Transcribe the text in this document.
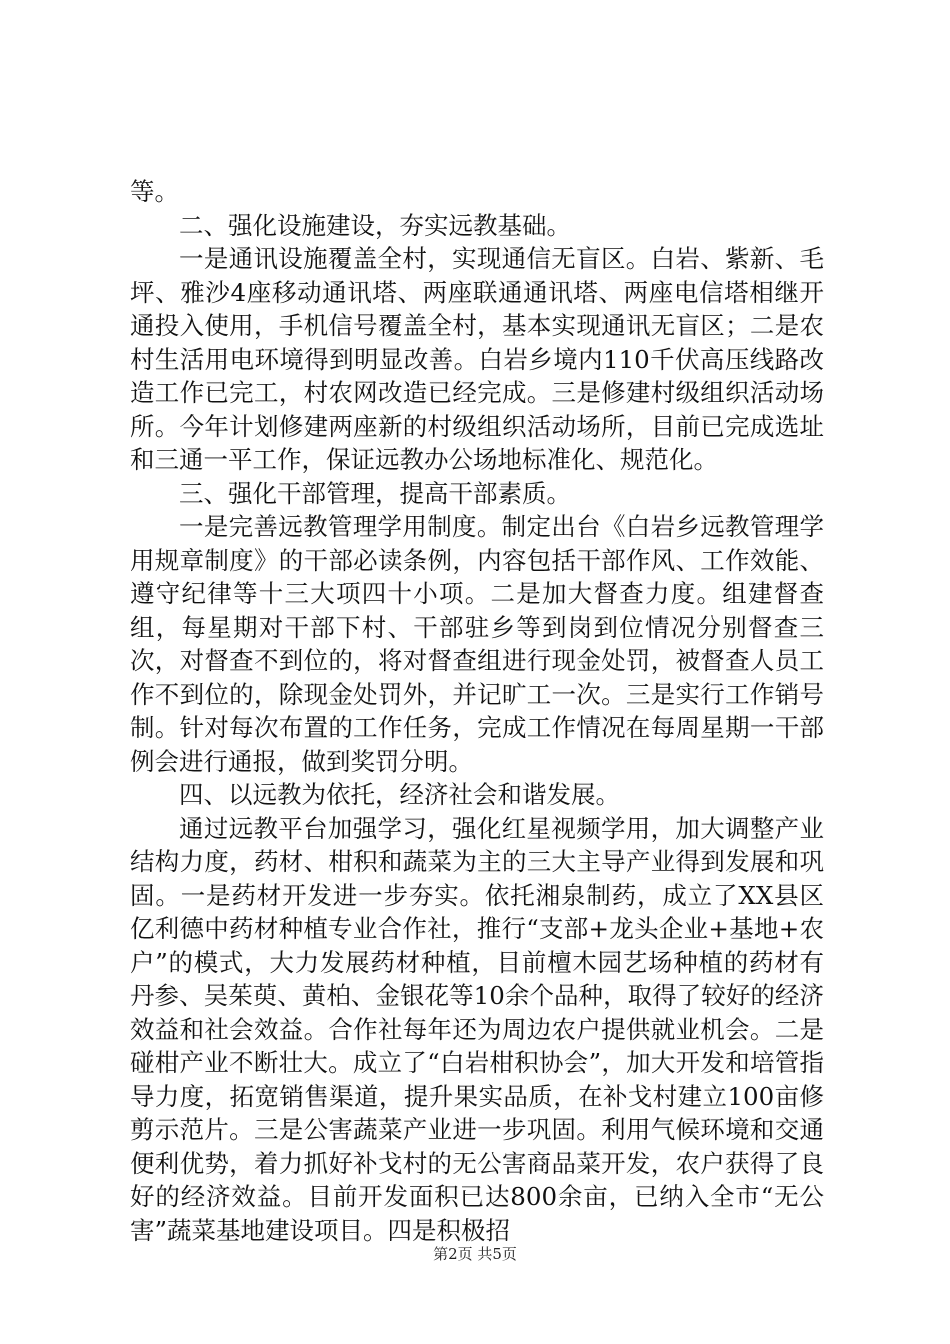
等。

二、强化设施建设，夯实远教基础。

一是通讯设施覆盖全村，实现通信无盲区。白岩、紫新、毛坪、雅沙4座移动通讯塔、两座联通通讯塔、两座电信塔相继开通投入使用，手机信号覆盖全村，基本实现通讯无盲区；二是农村生活用电环境得到明显改善。白岩乡境内110千伏高压线路改造工作已完工，村农网改造已经完成。三是修建村级组织活动场所。今年计划修建两座新的村级组织活动场所，目前已完成选址和三通一平工作，保证远教办公场地标准化、规范化。

三、强化干部管理，提高干部素质。

一是完善远教管理学用制度。制定出台《白岩乡远教管理学用规章制度》的干部必读条例，内容包括干部作风、工作效能、遵守纪律等十三大项四十小项。二是加大督查力度。组建督查组，每星期对干部下村、干部驻乡等到岗到位情况分别督查三次，对督查不到位的，将对督查组进行现金处罚，被督查人员工作不到位的，除现金处罚外，并记旷工一次。三是实行工作销号制。针对每次布置的工作任务，完成工作情况在每周星期一干部例会进行通报，做到奖罚分明。

四、以远教为依托，经济社会和谐发展。

通过远教平台加强学习，强化红星视频学用，加大调整产业结构力度，药材、柑积和蔬菜为主的三大主导产业得到发展和巩固。一是药材开发进一步夯实。依托湘泉制药，成立了XX县区亿利德中药材种植专业合作社，推行“支部+龙头企业+基地+农户”的模式，大力发展药材种植，目前檀木园艺场种植的药材有丹参、吴茱萸、黄柏、金银花等10余个品种，取得了较好的经济效益和社会效益。合作社每年还为周边农户提供就业机会。二是碰柑产业不断壮大。成立了“白岩柑积协会”，加大开发和培管指导力度，拓宽销售渠道，提升果实品质，在补戈村建立100亩修剪示范片。三是公害蔬菜产业进一步巩固。利用气候环境和交通便利优势，着力抓好补戈村的无公害商品菜开发，农户获得了良好的经济效益。目前开发面积已达800余亩，已纳入全市“无公害”蔬菜基地建设项目。四是积极招

第2页 共5页
